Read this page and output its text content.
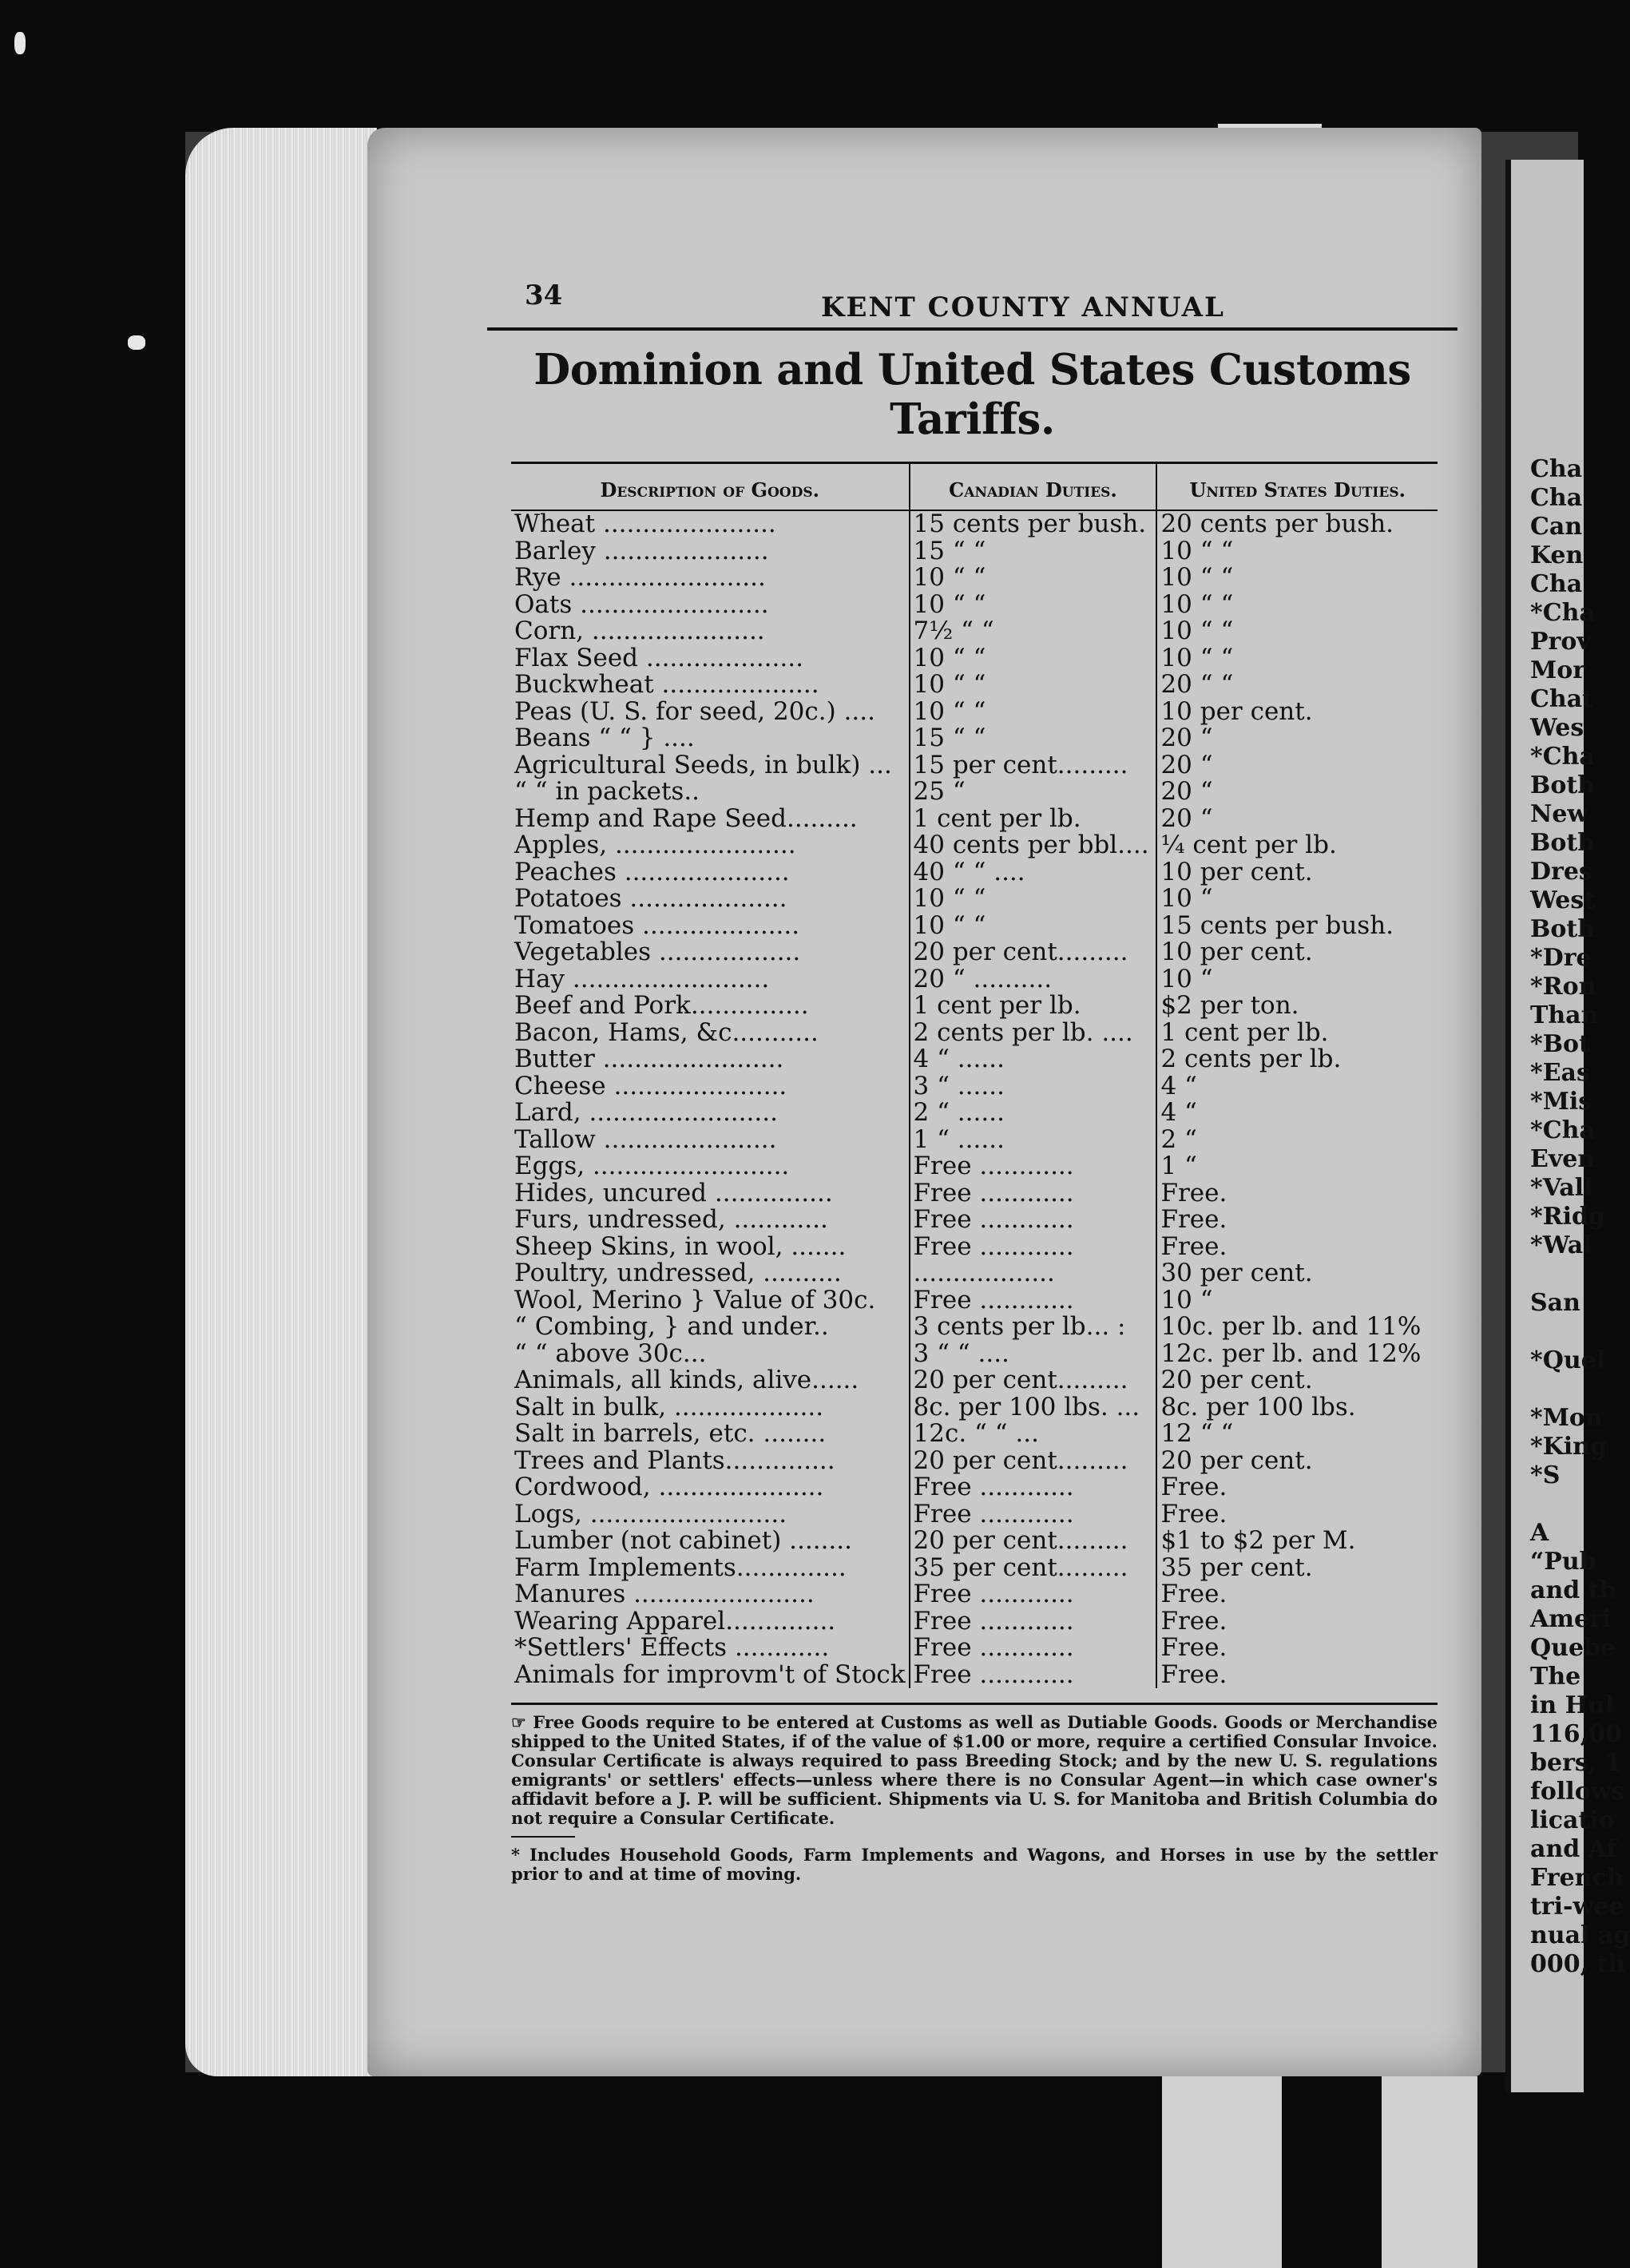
Cha
Cha
Can
Ken
Cha
*Cha
Prov
Mor
Chat
Wes
*Cha
Both
New
Both
Dres
West
Both
*Dre
*Ron
Than
*Bot
*Eas
*Mis
*Cha
Even
*Vall
*Ridg
*Wal
San
*Quel
*Mon
*King
*S
A
“Pub
and th
Ameri
Quebe
The
in Hul
116,00
bers, 1
follows
licatio
and Af
French
tri-wee
nual ag
000, th
34	KENT COUNTY ANNUAL
Dominion and United States Customs Tariffs.
Description of Goods.	Canadian Duties.	United States Duties.
Wheat ......................	15 cents per bush.	20 cents per bush.
Barley .....................	15 “ “	10 “ “
Rye .........................	10 “ “	10 “ “
Oats ........................	10 “ “	10 “ “
Corn, ......................	7½ “ “	10 “ “
Flax Seed ....................	10 “ “	10 “ “
Buckwheat ....................	10 “ “	20 “ “
Peas (U. S. for seed, 20c.) ....	10 “ “	10 per cent.
Beans “ “ } ....	15 “ “	20 “
Agricultural Seeds, in bulk) ...	15 per cent.........	20 “
“ “ in packets..	25 “	20 “
Hemp and Rape Seed.........	1 cent per lb.	20 “
Apples, .......................	40 cents per bbl....	¼ cent per lb.
Peaches .....................	40 “ “ ....	10 per cent.
Potatoes ....................	10 “ “	10 “
Tomatoes ....................	10 “ “	15 cents per bush.
Vegetables ..................	20 per cent.........	10 per cent.
Hay .........................	20 “ ..........	10 “
Beef and Pork...............	1 cent per lb.	$2 per ton.
Bacon, Hams, &c...........	2 cents per lb. ....	1 cent per lb.
Butter .......................	4 “ ......	2 cents per lb.
Cheese ......................	3 “ ......	4 “
Lard, ........................	2 “ ......	4 “
Tallow ......................	1 “ ......	2 “
Eggs, .........................	Free ............	1 “
Hides, uncured ...............	Free ............	Free.
Furs, undressed, ............	Free ............	Free.
Sheep Skins, in wool, .......	Free ............	Free.
Poultry, undressed, ..........	..................	30 per cent.
Wool, Merino } Value of 30c.	Free ............	10 “
“ Combing, } and under..	3 cents per lb... :	10c. per lb. and 11%
“ “ above 30c...	3 “ “ ....	12c. per lb. and 12%
Animals, all kinds, alive......	20 per cent.........	20 per cent.
Salt in bulk, ...................	8c. per 100 lbs. ...	8c. per 100 lbs.
Salt in barrels, etc. ........	12c. “ “ ...	12 “ “
Trees and Plants..............	20 per cent.........	20 per cent.
Cordwood, .....................	Free ............	Free.
Logs, .........................	Free ............	Free.
Lumber (not cabinet) ........	20 per cent.........	$1 to $2 per M.
Farm Implements..............	35 per cent.........	35 per cent.
Manures .......................	Free ............	Free.
Wearing Apparel..............	Free ............	Free.
*Settlers' Effects ............	Free ............	Free.
Animals for improvm't of Stock	Free ............	Free.

☞ Free Goods require to be entered at Customs as well as Dutiable Goods. Goods or Merchandise shipped to the United States, if of the value of $1.00 or more, require a certified Consular Invoice. Consular Certificate is always required to pass Breeding Stock; and by the new U. S. regulations emigrants' or settlers' effects—unless where there is no Consular Agent—in which case owner's affidavit before a J. P. will be sufficient. Shipments via U. S. for Manitoba and British Columbia do not require a Consular Certificate.

* Includes Household Goods, Farm Implements and Wagons, and Horses in use by the settler prior to and at time of moving.
